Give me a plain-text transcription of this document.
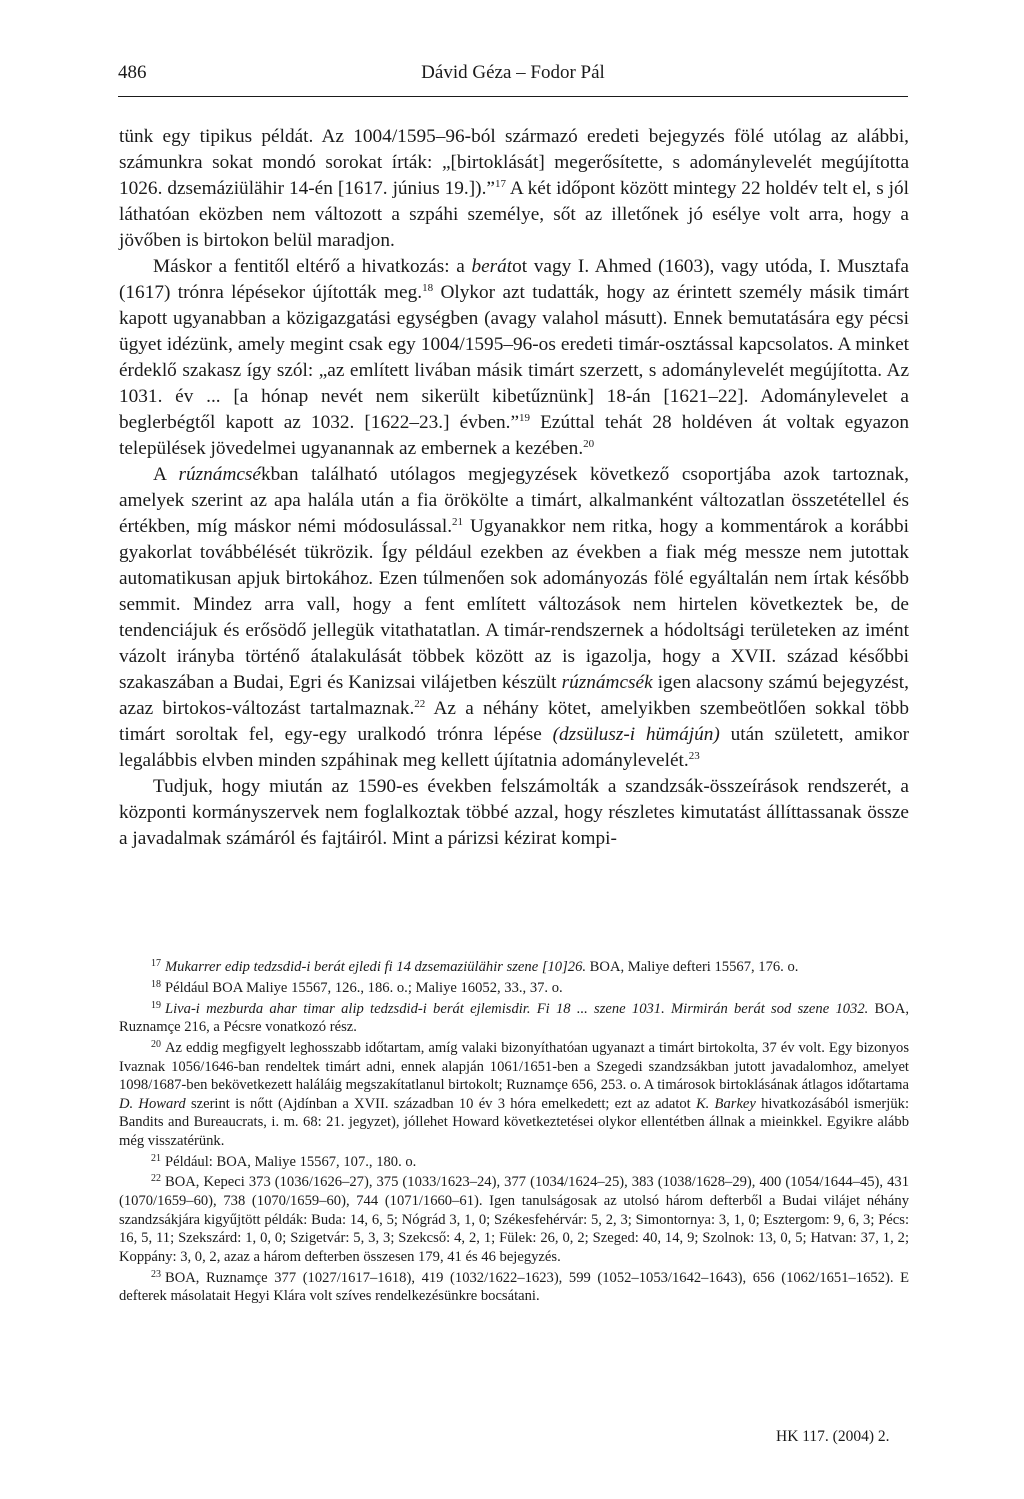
486	Dávid Géza – Fodor Pál

tünk egy tipikus példát. Az 1004/1595–96-ból származó eredeti bejegyzés fölé utólag az alábbi, számunkra sokat mondó sorokat írták: „[birtoklását] megerősítette, s adománylevelét megújította 1026. dzsemáziülähir 14-én [1617. június 19.]).”$^{17}$ A két időpont között mintegy 22 holdév telt el, s jól láthatóan eközben nem változott a szpáhi személye, sőt az illetőnek jó esélye volt arra, hogy a jövőben is birtokon belül maradjon.

Máskor a fentitől eltérő a hivatkozás: a berátot vagy I. Ahmed (1603), vagy utóda, I. Musztafa (1617) trónra lépésekor újították meg.$^{18}$ Olykor azt tudatták, hogy az érintett személy másik timárt kapott ugyanabban a közigazgatási egységben (avagy valahol másutt). Ennek bemutatására egy pécsi ügyet idézünk, amely megint csak egy 1004/1595–96-os eredeti timár-osztással kapcsolatos. A minket érdeklő szakasz így szól: „az említett livában másik timárt szerzett, s adománylevelét megújította. Az 1031. év ... [a hónap nevét nem sikerült kibetűznünk] 18-án [1621–22]. Adománylevelet a beglerbégtől kapott az 1032. [1622–23.] évben.”$^{19}$ Ezúttal tehát 28 holdéven át voltak egyazon települések jövedelmei ugyanannak az embernek a kezében.$^{20}$

A rúznámcsékban található utólagos megjegyzések következő csoportjába azok tartoznak, amelyek szerint az apa halála után a fia örökölte a timárt, alkalmanként változatlan összetétellel és értékben, míg máskor némi módosulással.$^{21}$ Ugyanakkor nem ritka, hogy a kommentárok a korábbi gyakorlat továbbélését tükrözik. Így például ezekben az években a fiak még messze nem jutottak automatikusan apjuk birtokához. Ezen túlmenően sok adományozás fölé egyáltalán nem írtak később semmit. Mindez arra vall, hogy a fent említett változások nem hirtelen következtek be, de tendenciájuk és erősödő jellegük vitathatatlan. A timár-rendszernek a hódoltsági területeken az imént vázolt irányba történő átalakulását többek között az is igazolja, hogy a XVII. század későbbi szakaszában a Budai, Egri és Kanizsai vilájetben készült rúznámcsék igen alacsony számú bejegyzést, azaz birtokos-változást tartalmaznak.$^{22}$ Az a néhány kötet, amelyikben szembeötlően sokkal több timárt soroltak fel, egy-egy uralkodó trónra lépése (dzsülusz-i hümájún) után született, amikor legalábbis elvben minden szpáhinak meg kellett újítatnia adománylevelét.$^{23}$

Tudjuk, hogy miután az 1590-es években felszámolták a szandzsák-összeírások rendszerét, a központi kormányszervek nem foglalkoztak többé azzal, hogy részletes kimutatást állíttassanak össze a javadalmak számáról és fajtáiról. Mint a párizsi kézirat kompi-

$^{17}$ Mukarrer edip tedzsdid-i berát ejledi fi 14 dzsemaziülähir szene [10]26. BOA, Maliye defteri 15567, 176. o.

$^{18}$ Például BOA Maliye 15567, 126., 186. o.; Maliye 16052, 33., 37. o.

$^{19}$ Liva-i mezburda ahar timar alip tedzsdid-i berát ejlemisdir. Fi 18 ... szene 1031. Mirmirán berát sod szene 1032. BOA, Ruznamçe 216, a Pécsre vonatkozó rész.

$^{20}$ Az eddig megfigyelt leghosszabb időtartam, amíg valaki bizonyíthatóan ugyanazt a timárt birtokolta, 37 év volt. Egy bizonyos Ivaznak 1056/1646-ban rendeltek timárt adni, ennek alapján 1061/1651-ben a Szegedi szandzsákban jutott javadalomhoz, amelyet 1098/1687-ben bekövetkezett haláláig megszakítatlanul birtokolt; Ruznamçe 656, 253. o. A timárosok birtoklásának átlagos időtartama D. Howard szerint is nőtt (Ajdínban a XVII. században 10 év 3 hóra emelkedett; ezt az adatot K. Barkey hivatkozásából ismerjük: Bandits and Bureaucrats, i. m. 68: 21. jegyzet), jóllehet Howard következtetései olykor ellentétben állnak a mieinkkel. Egyikre alább még visszatérünk.

$^{21}$ Például: BOA, Maliye 15567, 107., 180. o.

$^{22}$ BOA, Kepeci 373 (1036/1626–27), 375 (1033/1623–24), 377 (1034/1624–25), 383 (1038/1628–29), 400 (1054/1644–45), 431 (1070/1659–60), 738 (1070/1659–60), 744 (1071/1660–61). Igen tanulságosak az utolsó három defterből a Budai vilájet néhány szandzsákjára kigyűjtött példák: Buda: 14, 6, 5; Nógrád 3, 1, 0; Székesfehérvár: 5, 2, 3; Simontornya: 3, 1, 0; Esztergom: 9, 6, 3; Pécs: 16, 5, 11; Szekszárd: 1, 0, 0; Szigetvár: 5, 3, 3; Szekcső: 4, 2, 1; Fülek: 26, 0, 2; Szeged: 40, 14, 9; Szolnok: 13, 0, 5; Hatvan: 37, 1, 2; Koppány: 3, 0, 2, azaz a három defterben összesen 179, 41 és 46 bejegyzés.

$^{23}$ BOA, Ruznamçe 377 (1027/1617–1618), 419 (1032/1622–1623), 599 (1052–1053/1642–1643), 656 (1062/1651–1652). E defterek másolatait Hegyi Klára volt szíves rendelkezésünkre bocsátani.

HK 117. (2004) 2.
